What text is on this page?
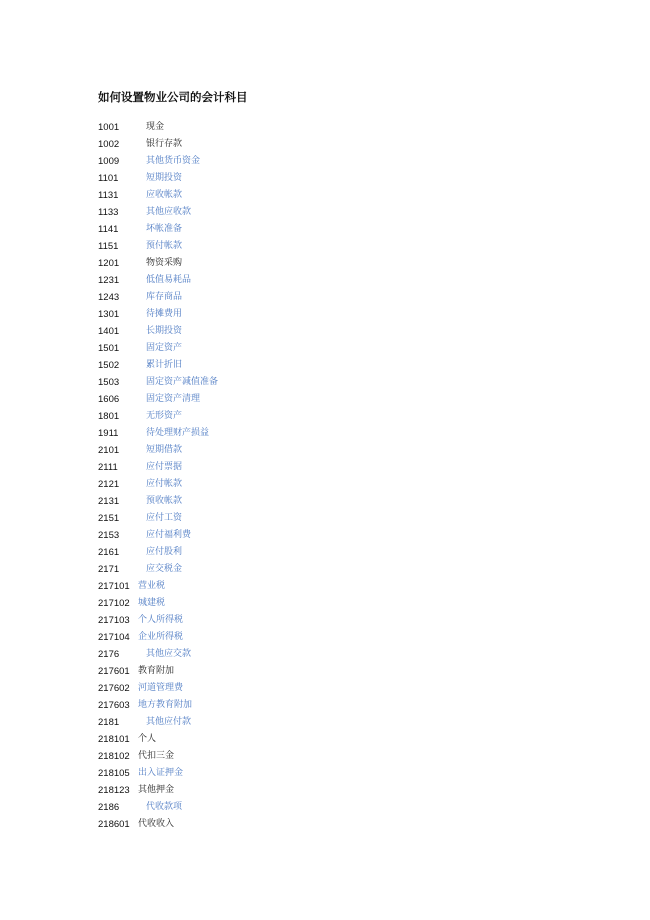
如何设置物业公司的会计科目
1001	现金
1002	银行存款
1009	其他货币资金
1101	短期投资
1131	应收帐款
1133	其他应收款
1141	坏帐准备
1151	预付帐款
1201	物资采购
1231	低值易耗品
1243	库存商品
1301	待摊费用
1401	长期投资
1501	固定资产
1502	累计折旧
1503	固定资产减值准备
1606	固定资产清理
1801	无形资产
1911	待处理财产损益
2101	短期借款
2111	应付票据
2121	应付帐款
2131	预收帐款
2151	应付工资
2153	应付福利费
2161	应付股利
2171	应交税金
217101 营业税
217102 城建税
217103 个人所得税
217104 企业所得税
2176	其他应交款
217601 教育附加
217602 河道管理费
217603 地方教育附加
2181	其他应付款
218101 个人
218102 代扣三金
218105 出入证押金
218123 其他押金
2186	代收款项
218601 代收收入
